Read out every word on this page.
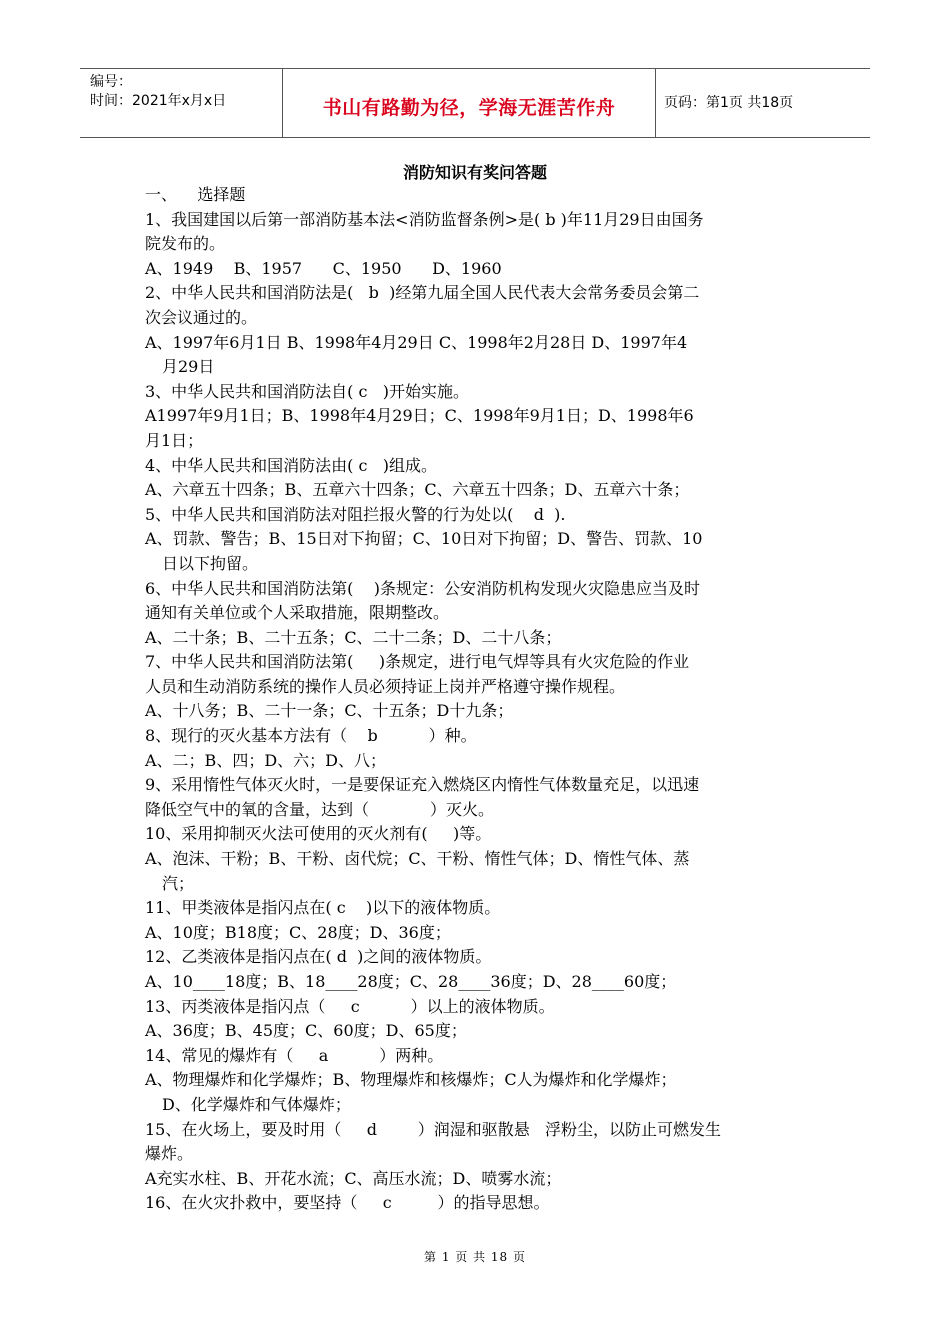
编号：
时间：2021年x月x日	书山有路勤为径，学海无涯苦作舟	页码：第1页 共18页
消防知识有奖问答题
一、    选择题
1、我国建国以后第一部消防基本法<消防监督条例>是( b )年11月29日由国务
院发布的。
A、1949    B、1957      C、1950      D、1960
2、中华人民共和国消防法是(   b  )经第九届全国人民代表大会常务委员会第二
次会议通过的。
A、1997年6月1日 B、1998年4月29日 C、1998年2月28日 D、1997年4
月29日
3、中华人民共和国消防法自( c   )开始实施。
A1997年9月1日；B、1998年4月29日；C、1998年9月1日；D、1998年6
月1日；
4、中华人民共和国消防法由( c   )组成。
A、六章五十四条；B、五章六十四条；C、六章五十四条；D、五章六十条；
5、中华人民共和国消防法对阻拦报火警的行为处以(    d  ).
A、罚款、警告；B、15日对下拘留；C、10日对下拘留；D、警告、罚款、10
日以下拘留。
6、中华人民共和国消防法第(    )条规定：公安消防机构发现火灾隐患应当及时
通知有关单位或个人采取措施，限期整改。
A、二十条；B、二十五条；C、二十二条；D、二十八条；
7、中华人民共和国消防法第(     )条规定，进行电气焊等具有火灾危险的作业
人员和生动消防系统的操作人员必须持证上岗并严格遵守操作规程。
A、十八务；B、二十一条；C、十五条；D十九条；
8、现行的灭火基本方法有（    b          ）种。
A、二；B、四；D、六；D、八；
9、采用惰性气体灭火时，一是要保证充入燃烧区内惰性气体数量充足，以迅速
降低空气中的氧的含量，达到（            ）灭火。
10、采用抑制灭火法可使用的灭火剂有(     )等。
A、泡沫、干粉；B、干粉、卤代烷；C、干粉、惰性气体；D、惰性气体、蒸
汽；
11、甲类液体是指闪点在( c    )以下的液体物质。
A、10度；B18度；C、28度；D、36度；
12、乙类液体是指闪点在( d  )之间的液体物质。
A、10____18度；B、18____28度；C、28____36度；D、28____60度；
13、丙类液体是指闪点（     c          ）以上的液体物质。
A、36度；B、45度；C、60度；D、65度；
14、常见的爆炸有（     a          ）两种。
A、物理爆炸和化学爆炸；B、物理爆炸和核爆炸；C人为爆炸和化学爆炸；
D、化学爆炸和气体爆炸；
15、在火场上，要及时用（     d        ）润湿和驱散悬   浮粉尘，以防止可燃发生
爆炸。
A充实水柱、B、开花水流；C、高压水流；D、喷雾水流；
16、在火灾扑救中，要坚持（     c         ）的指导思想。
第 1 页 共 18 页
